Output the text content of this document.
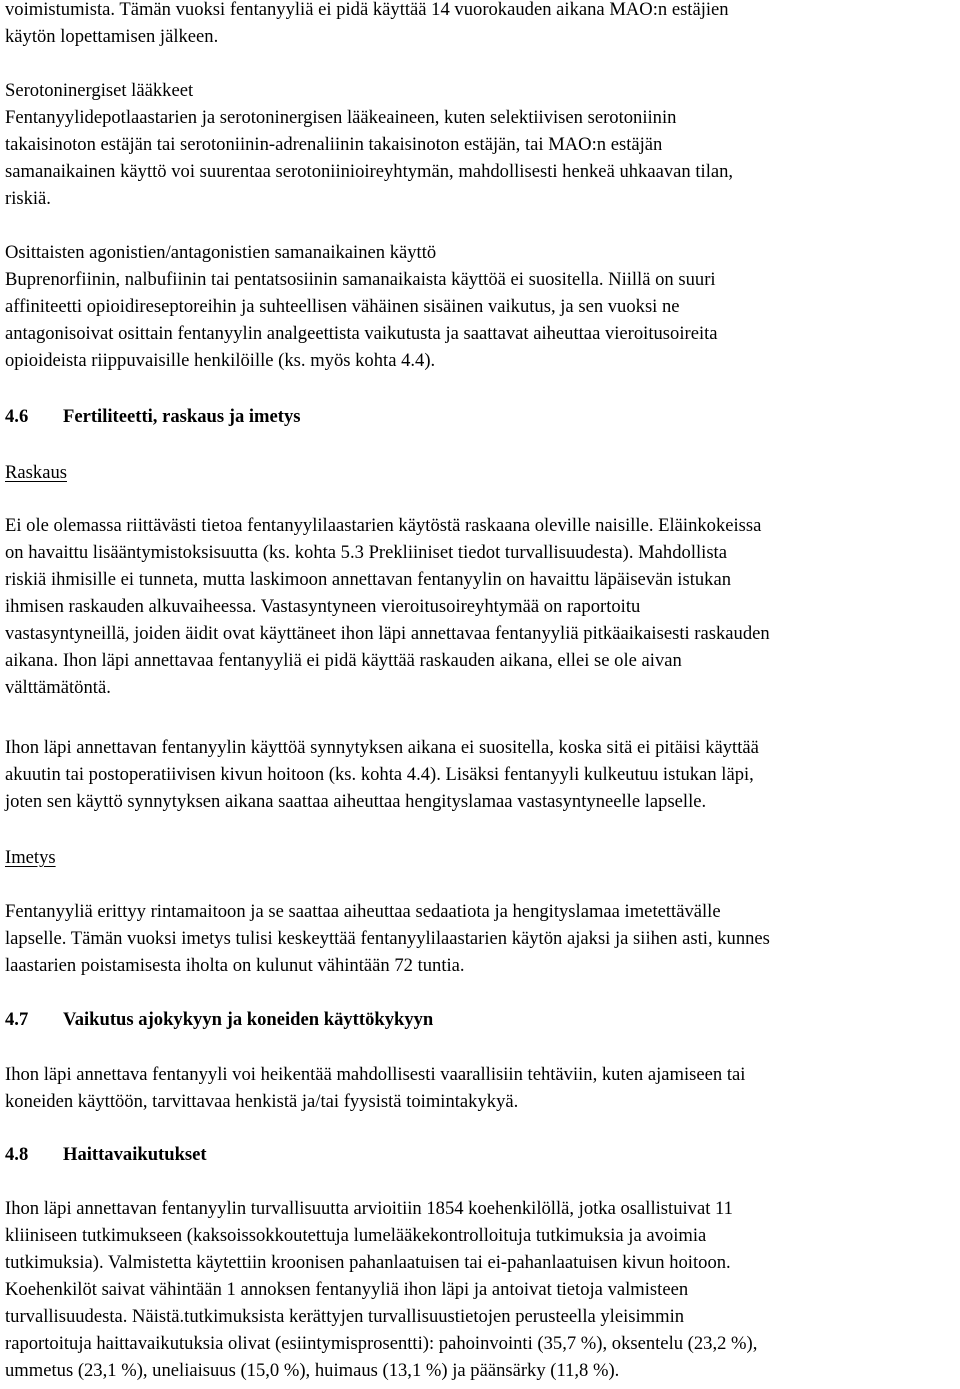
voimistumista. Tämän vuoksi fentanyyliä ei pidä käyttää 14 vuorokauden aikana MAO:n estäjien
käytön lopettamisen jälkeen.
Serotoninergiset lääkkeet
Fentanyylidepotlaastarien ja serotoninergisen lääkeaineen, kuten selektiivisen serotoniinin
takaisinoton estäjän tai serotoniinin-adrenaliinin takaisinoton estäjän, tai MAO:n estäjän
samanaikainen käyttö voi suurentaa serotoniinioireyhtymän, mahdollisesti henkeä uhkaavan tilan,
riskiä.
Osittaisten agonistien/antagonistien samanaikainen käyttö
Buprenorfiinin, nalbufiinin tai pentatsosiinin samanaikaista käyttöä ei suositella. Niillä on suuri
affiniteetti opioidireseptoreihin ja suhteellisen vähäinen sisäinen vaikutus, ja sen vuoksi ne
antagonisoivat osittain fentanyylin analgeettista vaikutusta ja saattavat aiheuttaa vieroitusoireita
opioideista riippuvaisille henkilöille (ks. myös kohta 4.4).
4.6 Fertiliteetti, raskaus ja imetys
Raskaus
Ei ole olemassa riittävästi tietoa fentanyylilaastarien käytöstä raskaana oleville naisille. Eläinkokeissa
on havaittu lisääntymistoksisuutta (ks. kohta 5.3 Prekliiniset tiedot turvallisuudesta). Mahdollista
riskiä ihmisille ei tunneta, mutta laskimoon annettavan fentanyylin on havaittu läpäisevän istukan
ihmisen raskauden alkuvaiheessa. Vastasyntyneen vieroitusoireyhtymää on raportoitu
vastasyntyneillä, joiden äidit ovat käyttäneet ihon läpi annettavaa fentanyyliä pitkäaikaisesti raskauden
aikana. Ihon läpi annettavaa fentanyyliä ei pidä käyttää raskauden aikana, ellei se ole aivan
välttämätöntä.
Ihon läpi annettavan fentanyylin käyttöä synnytyksen aikana ei suositella, koska sitä ei pitäisi käyttää
akuutin tai postoperatiivisen kivun hoitoon (ks. kohta 4.4). Lisäksi fentanyyli kulkeutuu istukan läpi,
joten sen käyttö synnytyksen aikana saattaa aiheuttaa hengityslamaa vastasyntyneelle lapselle.
Imetys
Fentanyyliä erittyy rintamaitoon ja se saattaa aiheuttaa sedaatiota ja hengityslamaa imetettävälle
lapselle. Tämän vuoksi imetys tulisi keskeyttää fentanyylilaastarien käytön ajaksi ja siihen asti, kunnes
laastarien poistamisesta iholta on kulunut vähintään 72 tuntia.
4.7 Vaikutus ajokykyyn ja koneiden käyttökykyyn
Ihon läpi annettava fentanyyli voi heikentää mahdollisesti vaarallisiin tehtäviin, kuten ajamiseen tai
koneiden käyttöön, tarvittavaa henkistä ja/tai fyysistä toimintakykyä.
4.8 Haittavaikutukset
Ihon läpi annettavan fentanyylin turvallisuutta arvioitiin 1854 koehenkilöllä, jotka osallistuivat 11
kliiniseen tutkimukseen (kaksoissokkoutettuja lumelääkekontrolloituja tutkimuksia ja avoimia
tutkimuksia). Valmistetta käytettiin kroonisen pahanlaatuisen tai ei-pahanlaatuisen kivun hoitoon.
Koehenkilöt saivat vähintään 1 annoksen fentanyyliä ihon läpi ja antoivat tietoja valmisteen
turvallisuudesta. Näistä.tutkimuksista kerättyjen turvallisuustietojen perusteella yleisimmin
raportoituja haittavaikutuksia olivat (esiintymisprosentti): pahoinvointi (35,7 %), oksentelu (23,2 %),
ummetus (23,1 %), uneliaisuus (15,0 %), huimaus (13,1 %) ja päänsärky (11,8 %).
